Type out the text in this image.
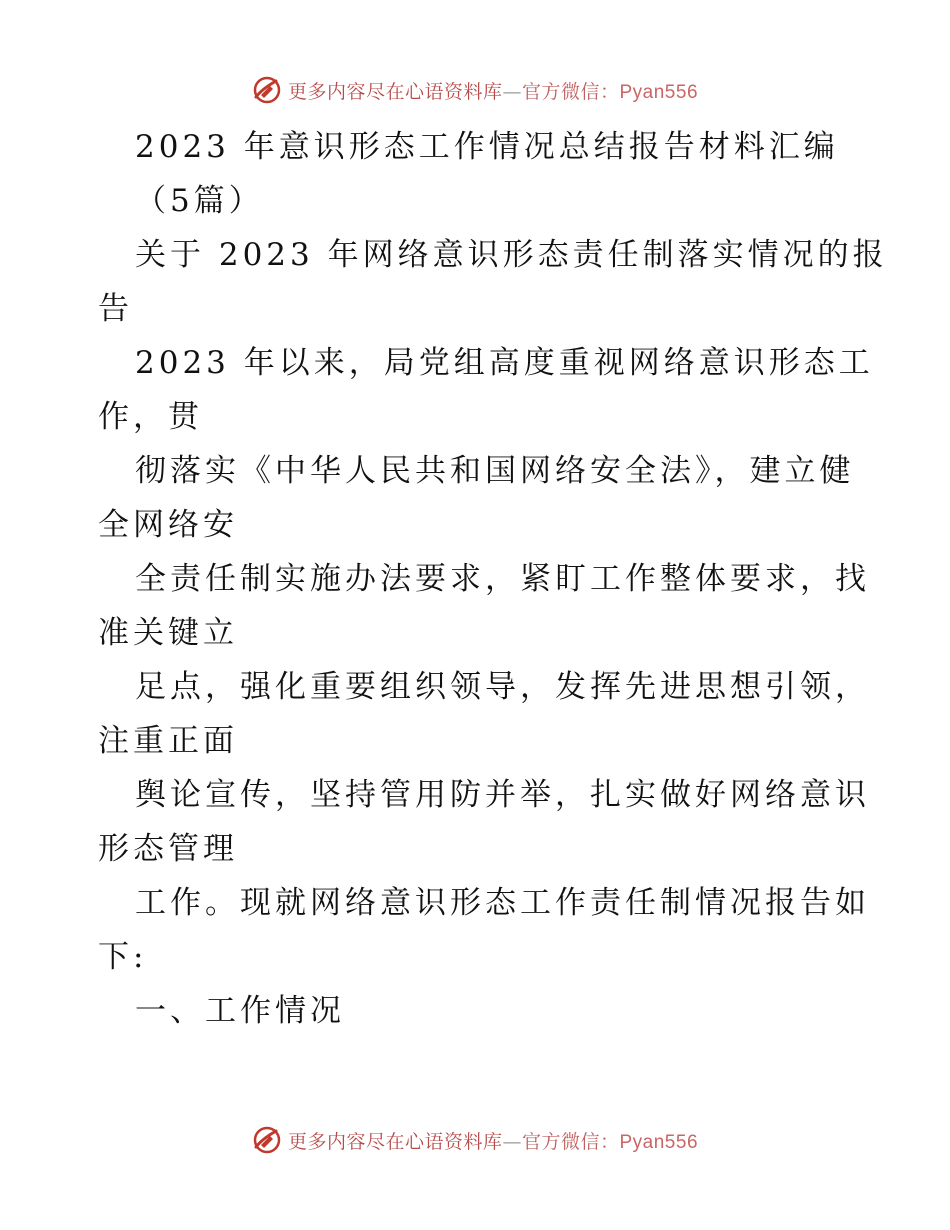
更多内容尽在心语资料库—官方微信：Pyan556
2023 年意识形态工作情况总结报告材料汇编
（5篇）
关于 2023 年网络意识形态责任制落实情况的报
告
2023 年以来，局党组高度重视网络意识形态工
作，贯
彻落实《中华人民共和国网络安全法》，建立健
全网络安
全责任制实施办法要求，紧盯工作整体要求，找
准关键立
足点，强化重要组织领导，发挥先进思想引领，
注重正面
舆论宣传，坚持管用防并举，扎实做好网络意识
形态管理
工作。现就网络意识形态工作责任制情况报告如
下:
一、工作情况
更多内容尽在心语资料库—官方微信：Pyan556
